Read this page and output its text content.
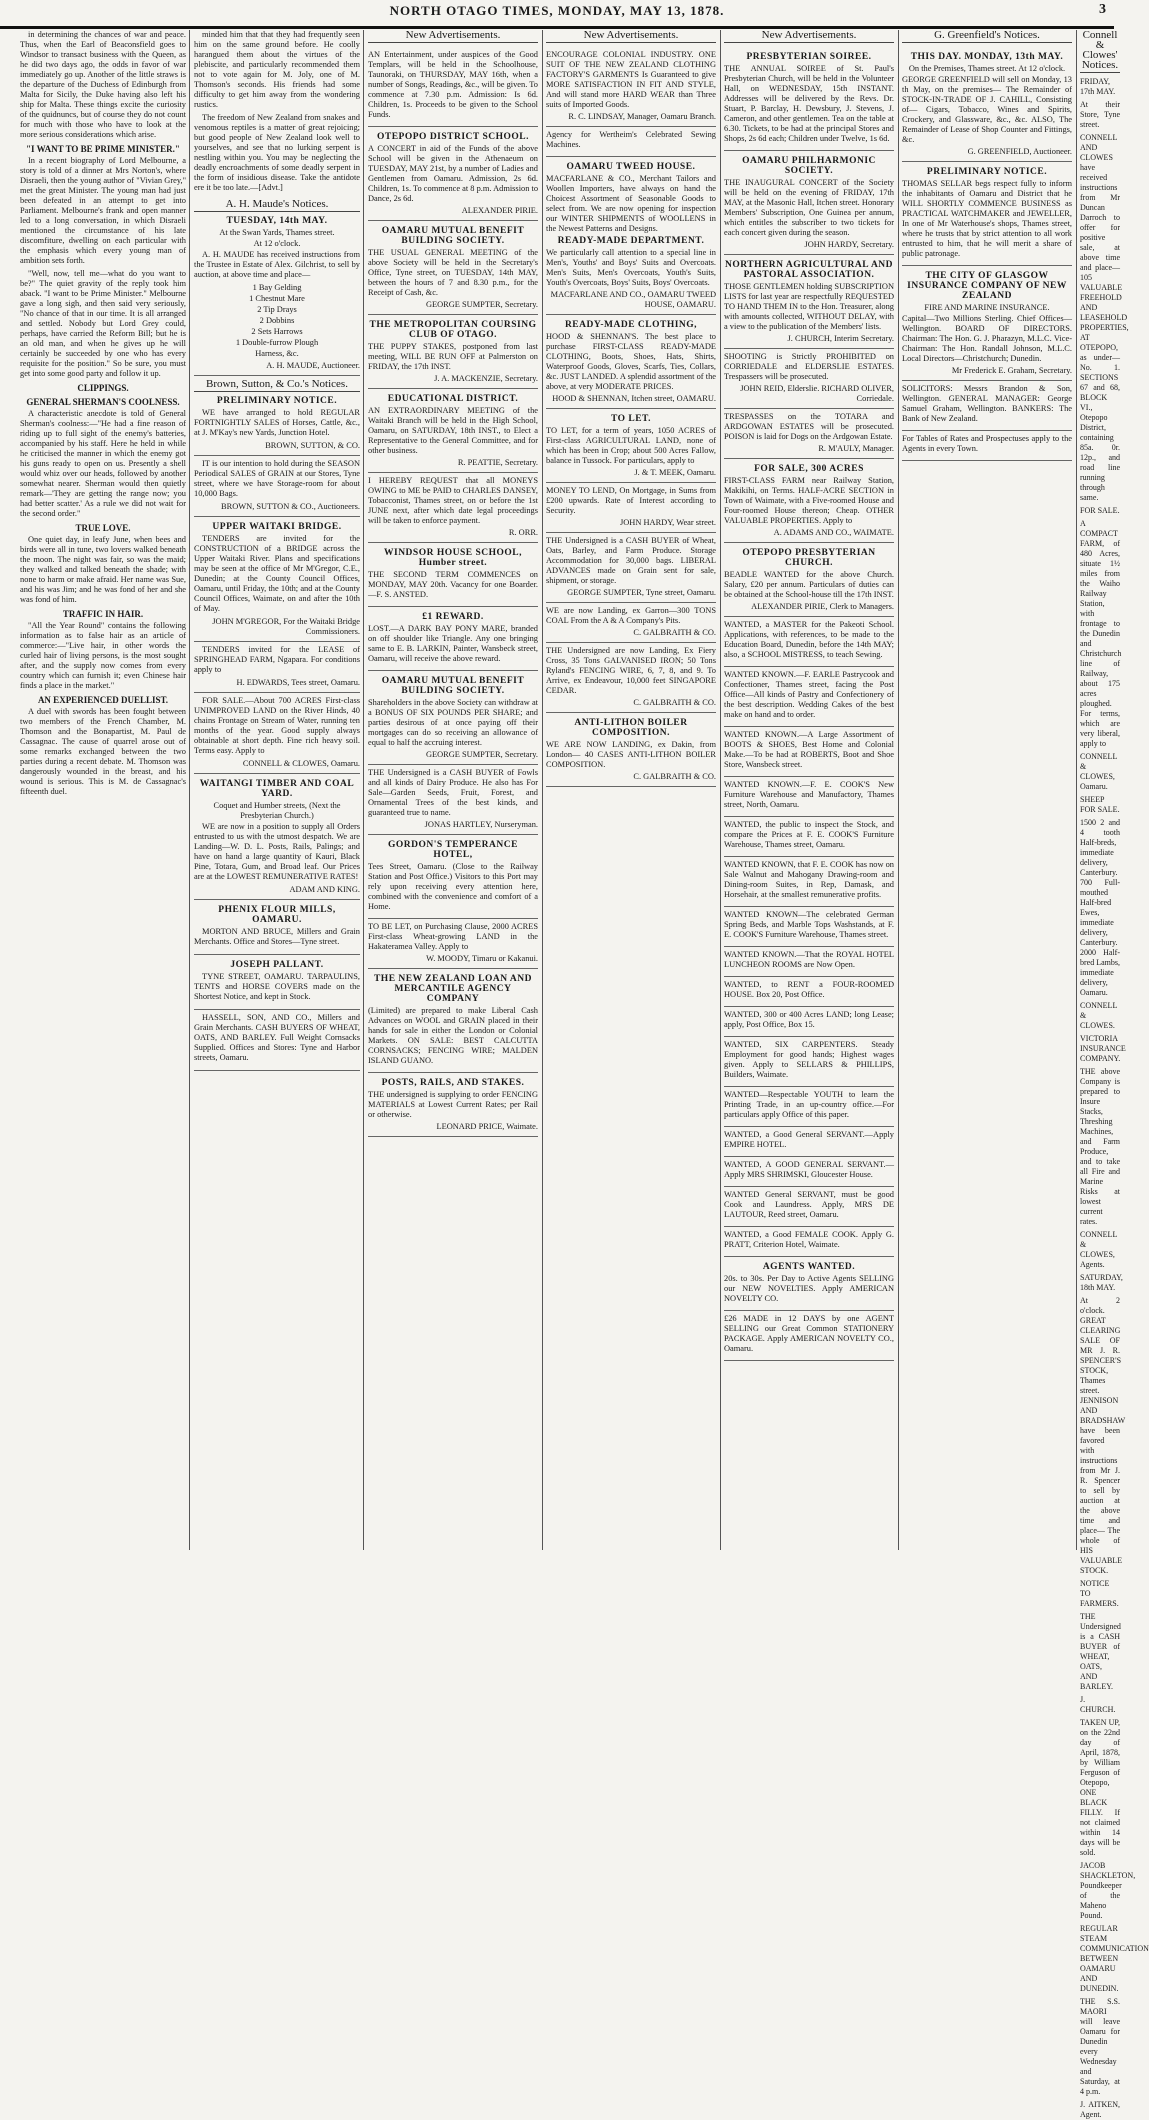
NORTH OTAGO TIMES, MONDAY, MAY 13, 1878.	3

in determining the chances of war and peace. Thus, when the Earl of Beaconsfield goes to Windsor to transact business with the Queen, as he did two days ago, the odds in favor of war immediately go up. Another of the little straws is the departure of the Duchess of Edinburgh from Malta for Sicily, the Duke having also left his ship for Malta. These things excite the curiosity of the quidnuncs, but of course they do not count for much with those who have to look at the more serious considerations which arise.

"I WANT TO BE PRIME MINISTER."

In a recent biography of Lord Melbourne, a story is told of a dinner at Mrs Norton's, where Disraeli, then the young author of "Vivian Grey," met the great Minister. The young man had just been defeated in an attempt to get into Parliament. Melbourne's frank and open manner led to a long conversation, in which Disraeli mentioned the circumstance of his late discomfiture, dwelling on each particular with the emphasis which every young man of ambition sets forth.

"Well, now, tell me—what do you want to be?" The quiet gravity of the reply took him aback. "I want to be Prime Minister." Melbourne gave a long sigh, and then said very seriously, "No chance of that in our time. It is all arranged and settled. Nobody but Lord Grey could, perhaps, have carried the Reform Bill; but he is an old man, and when he gives up he will certainly be succeeded by one who has every requisite for the position." So be sure, you must get into some good party and follow it up.

CLIPPINGS.
GENERAL SHERMAN'S COOLNESS.

A characteristic anecdote is told of General Sherman's coolness:—"He had a fine reason of riding up to full sight of the enemy's batteries, accompanied by his staff. Here he held in while he criticised the manner in which the enemy got his guns ready to open on us. Presently a shell would whiz over our heads, followed by another somewhat nearer. Sherman would then quietly remark—'They are getting the range now; you had better scatter.' As a rule we did not wait for the second order."

TRUE LOVE.

One quiet day, in leafy June, when bees and birds were all in tune, two lovers walked beneath the moon. The night was fair, so was the maid; they walked and talked beneath the shade; with none to harm or make afraid. Her name was Sue, and his was Jim; and he was fond of her and she was fond of him.

TRAFFIC IN HAIR.

"All the Year Round" contains the following information as to false hair as an article of commerce:—"Live hair, in other words the curled hair of living persons, is the most sought after, and the supply now comes from every country which can furnish it; even Chinese hair finds a place in the market."

AN EXPERIENCED DUELLIST.

A duel with swords has been fought between two members of the French Chamber, M. Thomson and the Bonapartist, M. Paul de Cassagnac. The cause of quarrel arose out of some remarks exchanged between the two parties during a recent debate. M. Thomson was dangerously wounded in the breast, and his wound is serious. This is M. de Cassagnac's fifteenth duel.

minded him that that they had frequently seen him on the same ground before. He coolly harangued them about the virtues of the plebiscite, and particularly recommended them not to vote again for M. Joly, one of M. Thomson's seconds. His friends had some difficulty to get him away from the wondering rustics.

The freedom of New Zealand from snakes and venomous reptiles is a matter of great rejoicing; but good people of New Zealand look well to yourselves, and see that no lurking serpent is nestling within you. You may be neglecting the deadly encroachments of some deadly serpent in the form of insidious disease. Take the antidote ere it be too late.—[Advt.]

A. H. Maude's Notices.
TUESDAY, 14th MAY.
At the Swan Yards, Thames street.
At 12 o'clock.

A. H. MAUDE has received instructions from the Trustee in Estate of Alex. Gilchrist, to sell by auction, at above time and place—

1 Bay Gelding
1 Chestnut Mare
2 Tip Drays
2 Dobbins
2 Sets Harrows
1 Double-furrow Plough
Harness, &c.
A. H. MAUDE, Auctioneer.
Brown, Sutton, & Co.'s Notices.
PRELIMINARY NOTICE.

WE have arranged to hold REGULAR FORTNIGHTLY SALES of Horses, Cattle, &c., at J. M'Kay's new Yards, Junction Hotel.

BROWN, SUTTON, & CO.

IT is our intention to hold during the SEASON Periodical SALES of GRAIN at our Stores, Tyne street, where we have Storage-room for about 10,000 Bags.

BROWN, SUTTON & CO., Auctioneers.
UPPER WAITAKI BRIDGE.

TENDERS are invited for the CONSTRUCTION of a BRIDGE across the Upper Waitaki River. Plans and specifications may be seen at the office of Mr M'Gregor, C.E., Dunedin; at the County Council Offices, Oamaru, until Friday, the 10th; and at the County Council Offices, Waimate, on and after the 10th of May.

JOHN M'GREGOR, For the Waitaki Bridge Commissioners.

TENDERS invited for the LEASE of SPRINGHEAD FARM, Ngapara. For conditions apply to

H. EDWARDS, Tees street, Oamaru.

FOR SALE.—About 700 ACRES First-class UNIMPROVED LAND on the River Hinds, 40 chains Frontage on Stream of Water, running ten months of the year. Good supply always obtainable at short depth. Fine rich heavy soil. Terms easy. Apply to

CONNELL & CLOWES, Oamaru.
WAITANGI TIMBER AND COAL YARD.
Coquet and Humber streets, (Next the Presbyterian Church.)

WE are now in a position to supply all Orders entrusted to us with the utmost despatch. We are Landing—W. D. L. Posts, Rails, Palings; and have on hand a large quantity of Kauri, Black Pine, Totara, Gum, and Broad leaf. Our Prices are at the LOWEST REMUNERATIVE RATES!

ADAM AND KING.
PHENIX FLOUR MILLS, OAMARU.

MORTON AND BRUCE, Millers and Grain Merchants. Office and Stores—Tyne street.

JOSEPH PALLANT.

TYNE STREET, OAMARU. TARPAULINS, TENTS and HORSE COVERS made on the Shortest Notice, and kept in Stock.

HASSELL, SON, AND CO., Millers and Grain Merchants. CASH BUYERS OF WHEAT, OATS, AND BARLEY. Full Weight Cornsacks Supplied. Offices and Stores: Tyne and Harbor streets, Oamaru.

New Advertisements.

AN Entertainment, under auspices of the Good Templars, will be held in the Schoolhouse, Taunoraki, on THURSDAY, MAY 16th, when a number of Songs, Readings, &c., will be given. To commence at 7.30 p.m. Admission: Is 6d. Children, 1s. Proceeds to be given to the School Funds.

OTEPOPO DISTRICT SCHOOL.

A CONCERT in aid of the Funds of the above School will be given in the Athenaeum on TUESDAY, MAY 21st, by a number of Ladies and Gentlemen from Oamaru. Admission, 2s 6d. Children, 1s. To commence at 8 p.m. Admission to Dance, 2s 6d.

ALEXANDER PIRIE.
OAMARU MUTUAL BENEFIT BUILDING SOCIETY.

THE USUAL GENERAL MEETING of the above Society will be held in the Secretary's Office, Tyne street, on TUESDAY, 14th MAY, between the hours of 7 and 8.30 p.m., for the Receipt of Cash, &c.

GEORGE SUMPTER, Secretary.
THE METROPOLITAN COURSING CLUB OF OTAGO.

THE PUPPY STAKES, postponed from last meeting, WILL BE RUN OFF at Palmerston on FRIDAY, the 17th INST.

J. A. MACKENZIE, Secretary.
EDUCATIONAL DISTRICT.

AN EXTRAORDINARY MEETING of the Waitaki Branch will be held in the High School, Oamaru, on SATURDAY, 18th INST., to Elect a Representative to the General Committee, and for other business.

R. PEATTIE, Secretary.

I HEREBY REQUEST that all MONEYS OWING to ME be PAID to CHARLES DANSEY, Tobacconist, Thames street, on or before the 1st JUNE next, after which date legal proceedings will be taken to enforce payment.

R. ORR.
WINDSOR HOUSE SCHOOL, Humber street.

THE SECOND TERM COMMENCES on MONDAY, MAY 20th. Vacancy for one Boarder.—F. S. ANSTED.

£1 REWARD.

LOST.—A DARK BAY PONY MARE, branded on off shoulder like Triangle. Any one bringing same to E. B. LARKIN, Painter, Wansbeck street, Oamaru, will receive the above reward.

OAMARU MUTUAL BENEFIT BUILDING SOCIETY.

Shareholders in the above Society can withdraw at a BONUS OF SIX POUNDS PER SHARE; and parties desirous of at once paying off their mortgages can do so receiving an allowance of equal to half the accruing interest.

GEORGE SUMPTER, Secretary.

THE Undersigned is a CASH BUYER of Fowls and all kinds of Dairy Produce. He also has For Sale—Garden Seeds, Fruit, Forest, and Ornamental Trees of the best kinds, and guaranteed true to name.

JONAS HARTLEY, Nurseryman.
GORDON'S TEMPERANCE HOTEL,

Tees Street, Oamaru. (Close to the Railway Station and Post Office.) Visitors to this Port may rely upon receiving every attention here, combined with the convenience and comfort of a Home.

TO BE LET, on Purchasing Clause, 2000 ACRES First-class Wheat-growing LAND in the Hakateramea Valley. Apply to

W. MOODY, Timaru or Kakanui.
THE NEW ZEALAND LOAN AND MERCANTILE AGENCY COMPANY

(Limited) are prepared to make Liberal Cash Advances on WOOL and GRAIN placed in their hands for sale in either the London or Colonial Markets. ON SALE: BEST CALCUTTA CORNSACKS; FENCING WIRE; MALDEN ISLAND GUANO.

POSTS, RAILS, AND STAKES.

THE undersigned is supplying to order FENCING MATERIALS at Lowest Current Rates; per Rail or otherwise.

LEONARD PRICE, Waimate.
New Advertisements.

ENCOURAGE COLONIAL INDUSTRY. ONE SUIT OF THE NEW ZEALAND CLOTHING FACTORY'S GARMENTS Is Guaranteed to give MORE SATISFACTION IN FIT AND STYLE, And will stand more HARD WEAR than Three suits of Imported Goods.

R. C. LINDSAY, Manager, Oamaru Branch.

Agency for Wertheim's Celebrated Sewing Machines.

OAMARU TWEED HOUSE.

MACFARLANE & CO., Merchant Tailors and Woollen Importers, have always on hand the Choicest Assortment of Seasonable Goods to select from. We are now opening for inspection our WINTER SHIPMENTS of WOOLLENS in the Newest Patterns and Designs.

READY-MADE DEPARTMENT.

We particularly call attention to a special line in Men's, Youths' and Boys' Suits and Overcoats. Men's Suits, Men's Overcoats, Youth's Suits, Youth's Overcoats, Boys' Suits, Boys' Overcoats.

MACFARLANE AND CO., OAMARU TWEED HOUSE, OAMARU.
READY-MADE CLOTHING,

HOOD & SHENNAN'S. The best place to purchase FIRST-CLASS READY-MADE CLOTHING, Boots, Shoes, Hats, Shirts, Waterproof Goods, Gloves, Scarfs, Ties, Collars, &c. JUST LANDED. A splendid assortment of the above, at very MODERATE PRICES.

HOOD & SHENNAN, Itchen street, OAMARU.
TO LET.

TO LET, for a term of years, 1050 ACRES of First-class AGRICULTURAL LAND, none of which has been in Crop; about 500 Acres Fallow, balance in Tussock. For particulars, apply to

J. & T. MEEK, Oamaru.

MONEY TO LEND, On Mortgage, in Sums from £200 upwards. Rate of Interest according to Security.

JOHN HARDY, Wear street.

THE Undersigned is a CASH BUYER of Wheat, Oats, Barley, and Farm Produce. Storage Accommodation for 30,000 bags. LIBERAL ADVANCES made on Grain sent for sale, shipment, or storage.

GEORGE SUMPTER, Tyne street, Oamaru.

WE are now Landing, ex Garron—300 TONS COAL From the A & A Company's Pits.

C. GALBRAITH & CO.

THE Undersigned are now Landing, Ex Fiery Cross, 35 Tons GALVANISED IRON; 50 Tons Ryland's FENCING WIRE, 6, 7, 8, and 9. To Arrive, ex Endeavour, 10,000 feet SINGAPORE CEDAR.

C. GALBRAITH & CO.
ANTI-LITHON BOILER COMPOSITION.

WE ARE NOW LANDING, ex Dakin, from London— 40 CASES ANTI-LITHON BOILER COMPOSITION.

C. GALBRAITH & CO.
New Advertisements.
PRESBYTERIAN SOIREE.

THE ANNUAL SOIREE of St. Paul's Presbyterian Church, will be held in the Volunteer Hall, on WEDNESDAY, 15th INSTANT. Addresses will be delivered by the Revs. Dr. Stuart, P. Barclay, H. Dewsbury, J. Stevens, J. Cameron, and other gentlemen. Tea on the table at 6.30. Tickets, to be had at the principal Stores and Shops, 2s 6d each; Children under Twelve, 1s 6d.

OAMARU PHILHARMONIC SOCIETY.

THE INAUGURAL CONCERT of the Society will be held on the evening of FRIDAY, 17th MAY, at the Masonic Hall, Itchen street. Honorary Members' Subscription, One Guinea per annum, which entitles the subscriber to two tickets for each concert given during the season.

JOHN HARDY, Secretary.
NORTHERN AGRICULTURAL AND PASTORAL ASSOCIATION.

THOSE GENTLEMEN holding SUBSCRIPTION LISTS for last year are respectfully REQUESTED TO HAND THEM IN to the Hon. Treasurer, along with amounts collected, WITHOUT DELAY, with a view to the publication of the Members' lists.

J. CHURCH, Interim Secretary.

SHOOTING is Strictly PROHIBITED on CORRIEDALE and ELDERSLIE ESTATES. Trespassers will be prosecuted.

JOHN REID, Elderslie. RICHARD OLIVER, Corriedale.

TRESPASSES on the TOTARA and ARDGOWAN ESTATES will be prosecuted. POISON is laid for Dogs on the Ardgowan Estate.

R. M'AULY, Manager.
FOR SALE, 300 ACRES

FIRST-CLASS FARM near Railway Station, Makikihi, on Terms. HALF-ACRE SECTION in Town of Waimate, with a Five-roomed House and Four-roomed House thereon; Cheap. OTHER VALUABLE PROPERTIES. Apply to

A. ADAMS AND CO., WAIMATE.
OTEPOPO PRESBYTERIAN CHURCH.

BEADLE WANTED for the above Church. Salary, £20 per annum. Particulars of duties can be obtained at the School-house till the 17th INST.

ALEXANDER PIRIE, Clerk to Managers.

WANTED, a MASTER for the Pakeoti School. Applications, with references, to be made to the Education Board, Dunedin, before the 14th MAY; also, a SCHOOL MISTRESS, to teach Sewing.

WANTED KNOWN.—F. EARLE Pastrycook and Confectioner, Thames street, facing the Post Office—All kinds of Pastry and Confectionery of the best description. Wedding Cakes of the best make on hand and to order.

WANTED KNOWN.—A Large Assortment of BOOTS & SHOES, Best Home and Colonial Make.—To be had at ROBERTS, Boot and Shoe Store, Wansbeck street.

WANTED KNOWN.—F. E. COOK'S New Furniture Warehouse and Manufactory, Thames street, North, Oamaru.

WANTED, the public to inspect the Stock, and compare the Prices at F. E. COOK'S Furniture Warehouse, Thames street, Oamaru.

WANTED KNOWN, that F. E. COOK has now on Sale Walnut and Mahogany Drawing-room and Dining-room Suites, in Rep, Damask, and Horsehair, at the smallest remunerative profits.

WANTED KNOWN—The celebrated German Spring Beds, and Marble Tops Washstands, at F. E. COOK'S Furniture Warehouse, Thames street.

WANTED KNOWN.—That the ROYAL HOTEL LUNCHEON ROOMS are Now Open.

WANTED, to RENT a FOUR-ROOMED HOUSE. Box 20, Post Office.

WANTED, 300 or 400 Acres LAND; long Lease; apply, Post Office, Box 15.

WANTED, SIX CARPENTERS. Steady Employment for good hands; Highest wages given. Apply to SELLARS & PHILLIPS, Builders, Waimate.

WANTED—Respectable YOUTH to learn the Printing Trade, in an up-country office.—For particulars apply Office of this paper.

WANTED, a Good General SERVANT.—Apply EMPIRE HOTEL.

WANTED, A GOOD GENERAL SERVANT.—Apply MRS SHRIMSKI, Gloucester House.

WANTED General SERVANT, must be good Cook and Laundress. Apply, MRS DE LAUTOUR, Reed street, Oamaru.

WANTED, a Good FEMALE COOK. Apply G. PRATT, Criterion Hotel, Waimate.

AGENTS WANTED.

20s. to 30s. Per Day to Active Agents SELLING our NEW NOVELTIES. Apply AMERICAN NOVELTY CO.

£26 MADE in 12 DAYS by one AGENT SELLING our Great Common STATIONERY PACKAGE. Apply AMERICAN NOVELTY CO., Oamaru.

G. Greenfield's Notices.
THIS DAY. MONDAY, 13th MAY.
On the Premises, Thames street. At 12 o'clock.

GEORGE GREENFIELD will sell on Monday, 13 th May, on the premises— The Remainder of STOCK-IN-TRADE OF J. CAHILL, Consisting of— Cigars, Tobacco, Wines and Spirits, Crockery, and Glassware, &c., &c. ALSO, The Remainder of Lease of Shop Counter and Fittings, &c.

G. GREENFIELD, Auctioneer.
PRELIMINARY NOTICE.

THOMAS SELLAR begs respect fully to inform the inhabitants of Oamaru and District that he WILL SHORTLY COMMENCE BUSINESS as PRACTICAL WATCHMAKER and JEWELLER, In one of Mr Waterhouse's shops, Thames street, where he trusts that by strict attention to all work entrusted to him, that he will merit a share of public patronage.

THE CITY OF GLASGOW INSURANCE COMPANY OF NEW ZEALAND
FIRE AND MARINE INSURANCE.

Capital—Two Millions Sterling. Chief Offices—Wellington. BOARD OF DIRECTORS. Chairman: The Hon. G. J. Pharazyn, M.L.C. Vice-Chairman: The Hon. Randall Johnson, M.L.C. Local Directors—Christchurch; Dunedin.

Mr Frederick E. Graham, Secretary.

SOLICITORS: Messrs Brandon & Son, Wellington. GENERAL MANAGER: George Samuel Graham, Wellington. BANKERS: The Bank of New Zealand.

For Tables of Rates and Prospectuses apply to the Agents in every Town.

Connell & Clowes' Notices.

FRIDAY, 17th MAY.

At their Store, Tyne street.

CONNELL AND CLOWES have received instructions from Mr Duncan Darroch to offer for positive sale, at above time and place— 105 VALUABLE FREEHOLD AND LEASEHOLD PROPERTIES, AT OTEPOPO, as under— No. 1. SECTIONS 67 and 68, BLOCK VI., Otepopo District, containing 85a. 0r. 12p., and road line running through same.

FOR SALE.

A COMPACT FARM, of 480 Acres, situate 1½ miles from the Waiho Railway Station, with frontage to the Dunedin and Christchurch line of Railway, about 175 acres ploughed. For terms, which are very liberal, apply to

CONNELL & CLOWES, Oamaru.

SHEEP FOR SALE.

1500 2 and 4 tooth Half-breds, immediate delivery, Canterbury. 700 Full-mouthed Half-bred Ewes, immediate delivery, Canterbury. 2000 Half-bred Lambs, immediate delivery, Oamaru.

CONNELL & CLOWES.

VICTORIA INSURANCE COMPANY.

THE above Company is prepared to Insure Stacks, Threshing Machines, and Farm Produce, and to take all Fire and Marine Risks at lowest current rates.

CONNELL & CLOWES, Agents.

SATURDAY, 18th MAY.

At 2 o'clock. GREAT CLEARING SALE OF MR J. R. SPENCER'S STOCK, Thames street. JENNISON AND BRADSHAW have been favored with instructions from Mr J. R. Spencer to sell by auction at the above time and place— The whole of HIS VALUABLE STOCK.

NOTICE TO FARMERS.

THE Undersigned is a CASH BUYER of WHEAT, OATS, AND BARLEY.

J. CHURCH.

TAKEN UP, on the 22nd day of April, 1878, by William Ferguson of Otepopo, ONE BLACK FILLY. If not claimed within 14 days will be sold.

JACOB SHACKLETON, Poundkeeper of the Maheno Pound.

REGULAR STEAM COMMUNICATION BETWEEN OAMARU AND DUNEDIN.

THE S.S. MAORI will leave Oamaru for Dunedin every Wednesday and Saturday, at 4 p.m.

J. AITKEN, Agent.
